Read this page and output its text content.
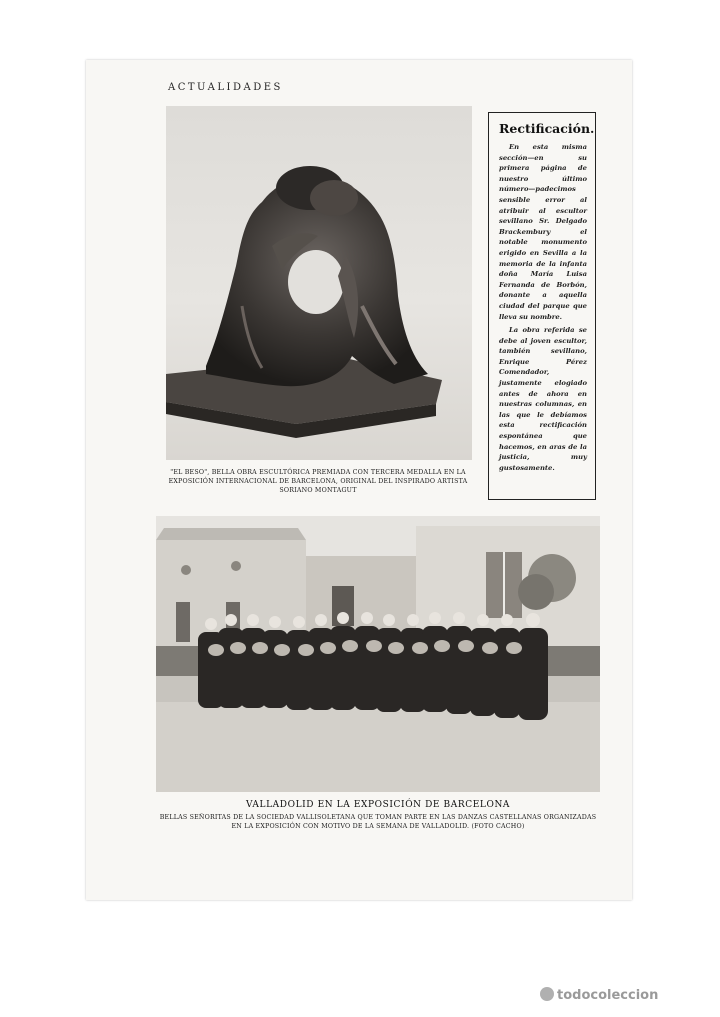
ACTUALIDADES
"EL BESO", BELLA OBRA ESCULTÓRICA PREMIADA CON TERCERA MEDALLA EN LA EXPOSICIÓN INTERNACIONAL DE BARCELONA, ORIGINAL DEL INSPIRADO ARTISTA SORIANO MONTAGUT
Rectificación.

En esta misma sección—en su primera página de nuestro último número—padecimos sensible error al atribuir al escultor sevillano Sr. Delgado Brackembury el notable monumento erigido en Sevilla a la memoria de la infanta doña María Luisa Fernanda de Borbón, donante a aquella ciudad del parque que lleva su nombre.

La obra referida se debe al joven escultor, también sevillano, Enrique Pérez Comendador, justamente elogiado antes de ahora en nuestras columnas, en las que le debíamos esta rectificación espontánea que hacemos, en aras de la justicia, muy gustosamente.

VALLADOLID EN LA EXPOSICIÓN DE BARCELONA
BELLAS SEÑORITAS DE LA SOCIEDAD VALLISOLETANA QUE TOMAN PARTE EN LAS DANZAS CASTELLANAS ORGANIZADAS EN LA EXPOSICIÓN CON MOTIVO DE LA SEMANA DE VALLADOLID. (FOTO CACHO)
todocoleccion
